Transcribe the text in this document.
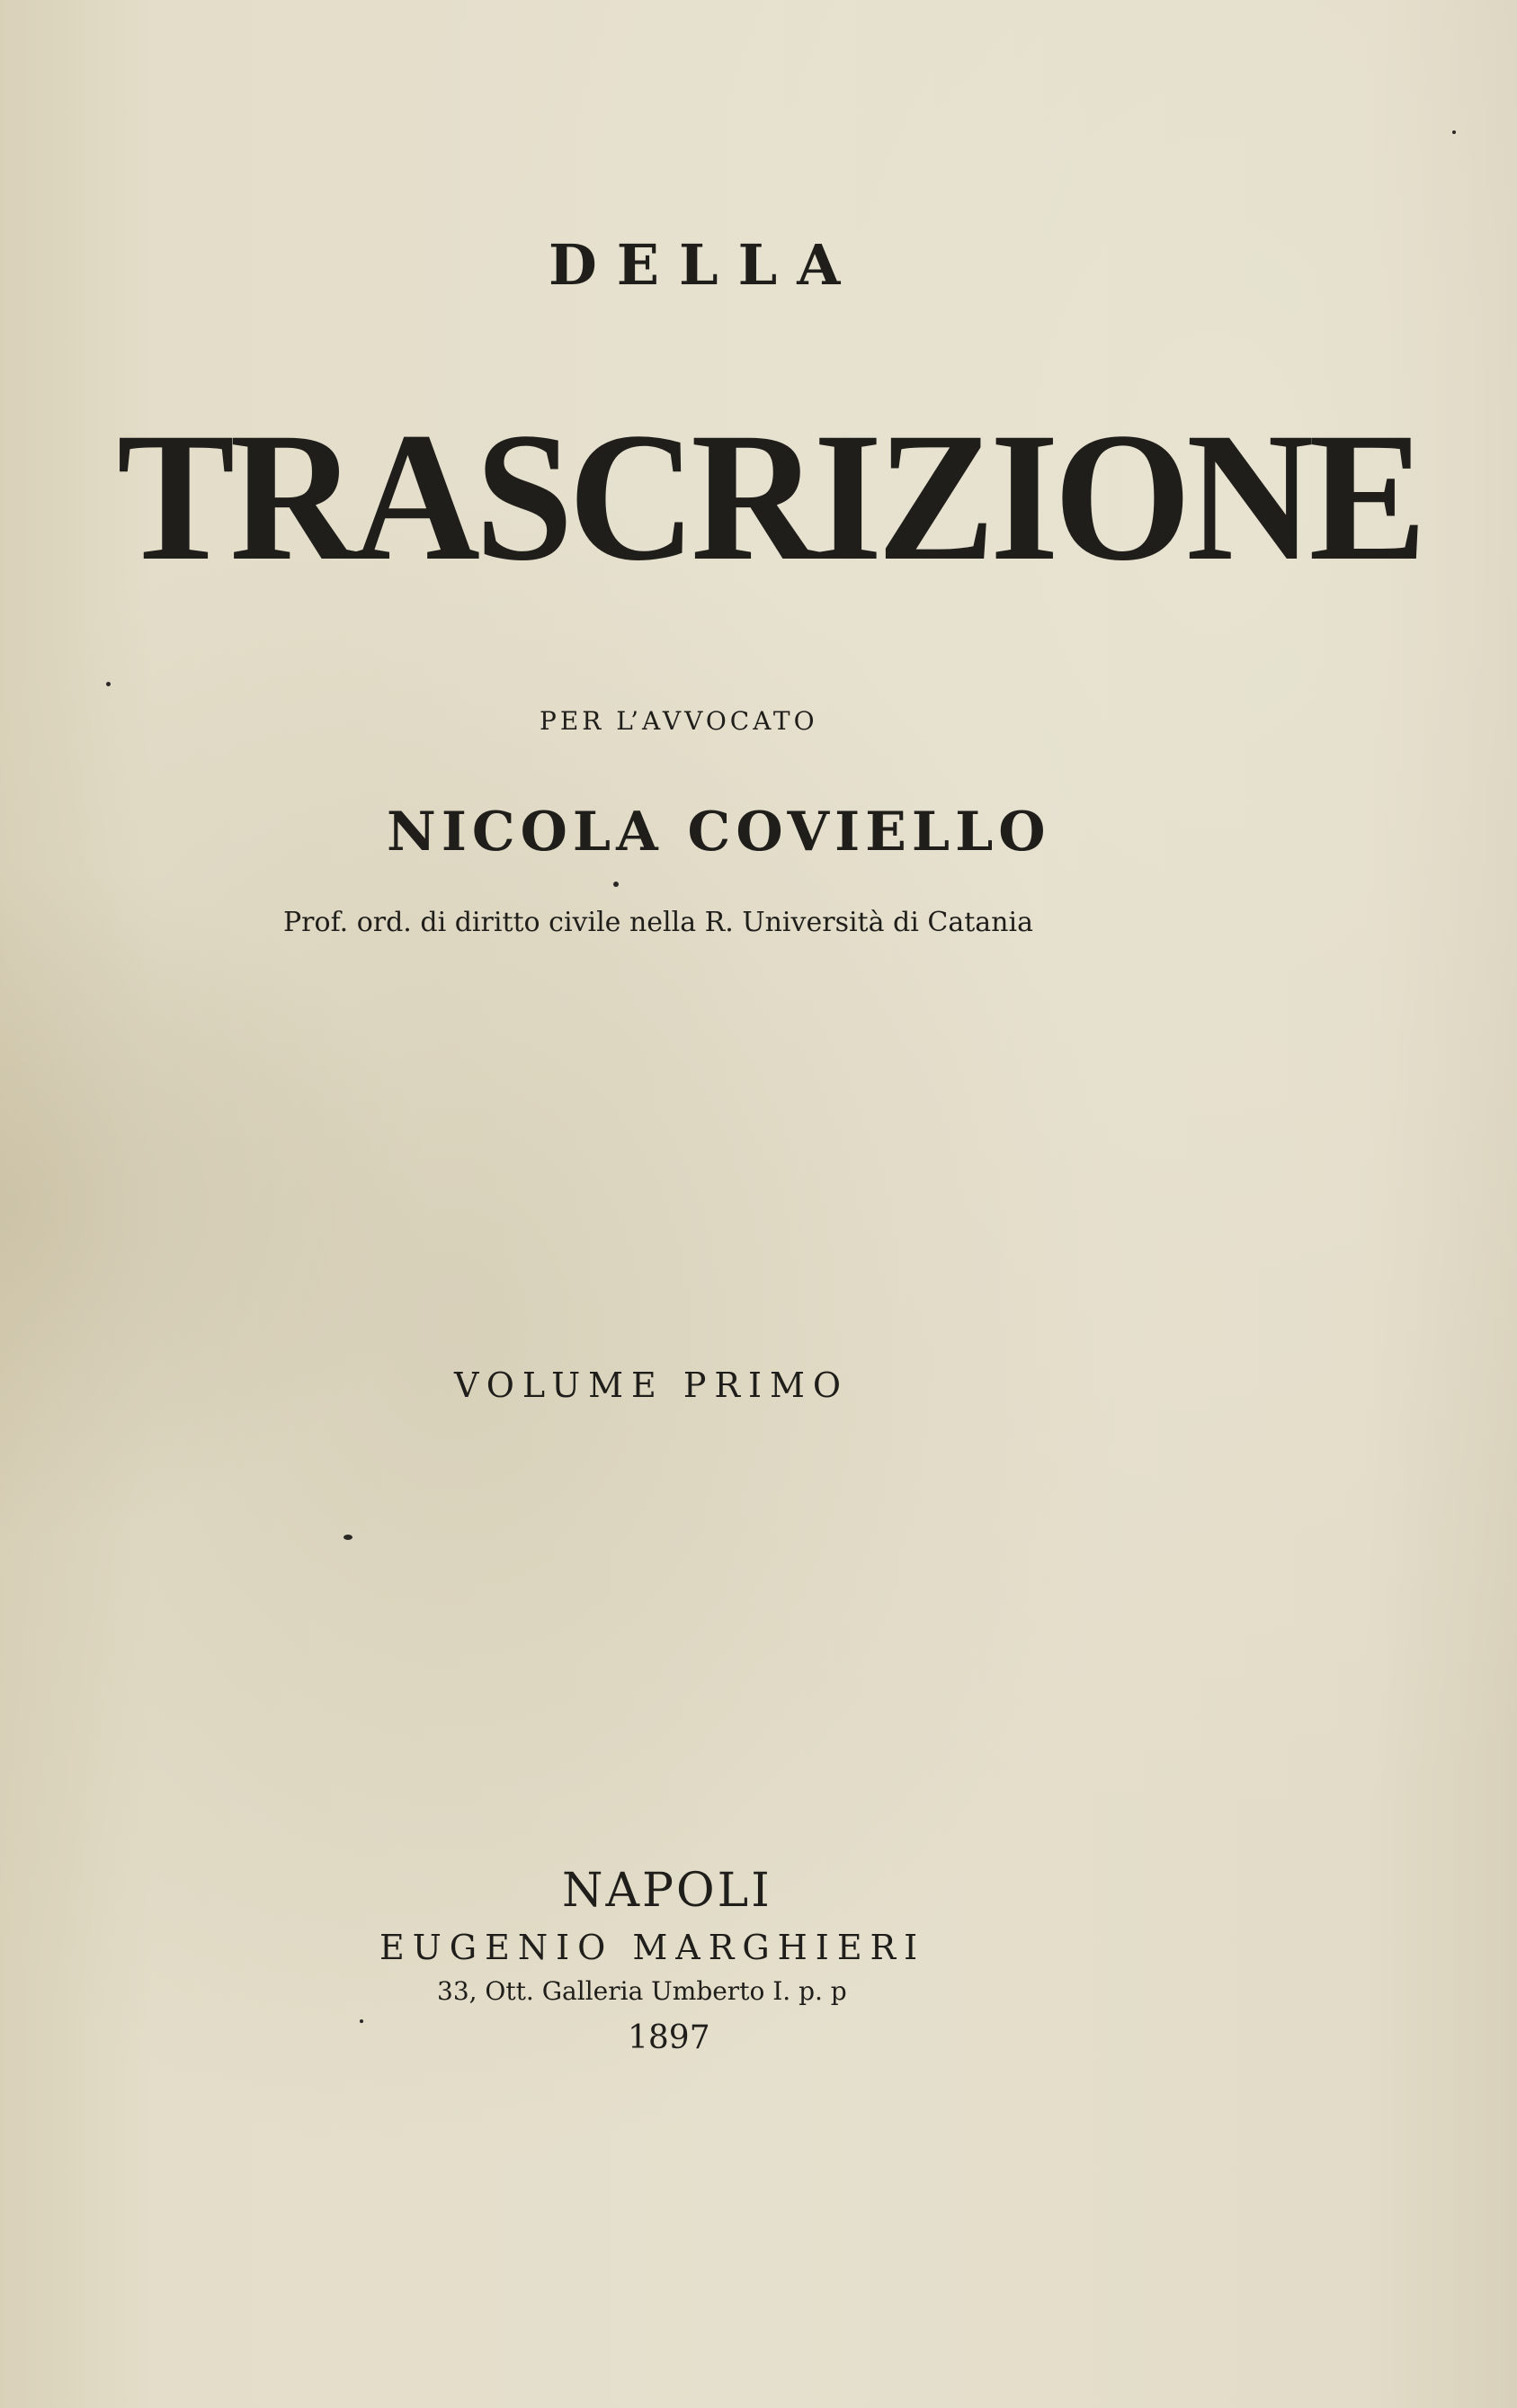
DELLA
TRASCRIZIONE
PER L’AVVOCATO
NICOLA COVIELLO
Prof. ord. di diritto civile nella R. Università di Catania
VOLUME PRIMO
NAPOLI
EUGENIO MARGHIERI
33, Ott. Galleria Umberto I. p. p
1897
